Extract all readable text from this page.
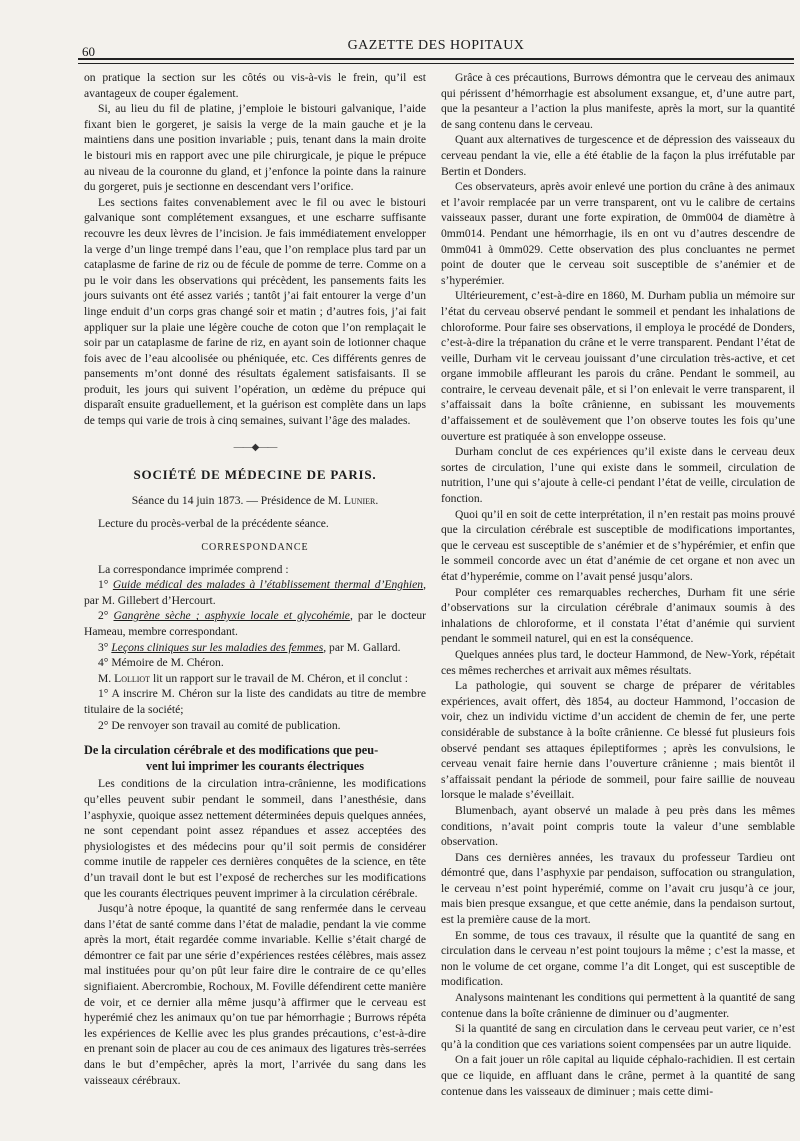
60	GAZETTE DES HOPITAUX

on pratique la section sur les côtés ou vis-à-vis le frein, qu’il est avantageux de couper également.

Si, au lieu du fil de platine, j’emploie le bistouri galvanique, l’aide fixant bien le gorgeret, je saisis la verge de la main gauche et je la maintiens dans une position invariable ; puis, tenant dans la main droite le bistouri mis en rapport avec une pile chirurgicale, je pique le prépuce au niveau de la couronne du gland, et j’enfonce la pointe dans la rainure du gorgeret, puis je sectionne en descendant vers l’orifice.

Les sections faites convenablement avec le fil ou avec le bistouri galvanique sont complétement exsangues, et une escharre suffisante recouvre les deux lèvres de l’incision. Je fais immédiatement envelopper la verge d’un linge trempé dans l’eau, que l’on remplace plus tard par un cataplasme de farine de riz ou de fécule de pomme de terre. Comme on a pu le voir dans les observations qui précèdent, les pansements faits les jours suivants ont été assez variés ; tantôt j’ai fait entourer la verge d’un linge enduit d’un corps gras changé soir et matin ; d’autres fois, j’ai fait appliquer sur la plaie une légère couche de coton que l’on remplaçait le soir par un cataplasme de farine de riz, en ayant soin de lotionner chaque fois avec de l’eau alcoolisée ou phéniquée, etc. Ces différents genres de pansements m’ont donné des résultats également satisfaisants. Il se produit, les jours qui suivent l’opération, un œdème du prépuce qui disparaît ensuite graduellement, et la guérison est complète dans un laps de temps qui varie de trois à cinq semaines, suivant l’âge des malades.

——◆——
SOCIÉTÉ DE MÉDECINE DE PARIS.

Séance du 14 juin 1873. — Présidence de M. Lunier.

Lecture du procès-verbal de la précédente séance.

CORRESPONDANCE

La correspondance imprimée comprend :

1° Guide médical des malades à l’établissement thermal d’Enghien, par M. Gillebert d’Hercourt.

2° Gangrène sèche ; asphyxie locale et glycohémie, par le docteur Hameau, membre correspondant.

3° Leçons cliniques sur les maladies des femmes, par M. Gallard.

4° Mémoire de M. Chéron.

M. Lolliot lit un rapport sur le travail de M. Chéron, et il conclut :

1° A inscrire M. Chéron sur la liste des candidats au titre de membre titulaire de la société;

2° De renvoyer son travail au comité de publication.

De la circulation cérébrale et des modifications que peu-
vent lui imprimer les courants électriques

Les conditions de la circulation intra-crânienne, les modifications qu’elles peuvent subir pendant le sommeil, dans l’anesthésie, dans l’asphyxie, quoique assez nettement déterminées depuis quelques années, ne sont cependant point assez répandues et assez acceptées des physiologistes et des médecins pour qu’il soit permis de considérer comme inutile de rappeler ces dernières conquêtes de la science, en tête d’un travail dont le but est l’exposé de recherches sur les modifications que les courants électriques peuvent imprimer à la circulation cérébrale.

Jusqu’à notre époque, la quantité de sang renfermée dans le cerveau dans l’état de santé comme dans l’état de maladie, pendant la vie comme après la mort, était regardée comme invariable. Kellie s’était chargé de démontrer ce fait par une série d’expériences restées célèbres, mais assez mal instituées pour qu’on pût leur faire dire le contraire de ce qu’elles signifiaient. Abercrombie, Rochoux, M. Foville défendirent cette manière de voir, et ce dernier alla même jusqu’à affirmer que le cerveau est hyperémié chez les animaux qu’on tue par hémorrhagie ; Burrows répéta les expériences de Kellie avec les plus grandes précautions, c’est-à-dire en prenant soin de placer au cou de ces animaux des ligatures très-serrées dans le but d’empêcher, après la mort, l’arrivée du sang dans les vaisseaux cérébraux.

Grâce à ces précautions, Burrows démontra que le cerveau des animaux qui périssent d’hémorrhagie est absolument exsangue, et, d’une autre part, que la pesanteur a l’action la plus manifeste, après la mort, sur la quantité de sang contenu dans le cerveau.

Quant aux alternatives de turgescence et de dépression des vaisseaux du cerveau pendant la vie, elle a été établie de la façon la plus irréfutable par Bertin et Donders.

Ces observateurs, après avoir enlevé une portion du crâne à des animaux et l’avoir remplacée par un verre transparent, ont vu le calibre de certains vaisseaux passer, durant une forte expiration, de 0mm004 de diamètre à 0mm014. Pendant une hémorrhagie, ils en ont vu d’autres descendre de 0mm041 à 0mm029. Cette observation des plus concluantes ne permet point de douter que le cerveau soit susceptible de s’anémier et de s’hyperémier.

Ultérieurement, c’est-à-dire en 1860, M. Durham publia un mémoire sur l’état du cerveau observé pendant le sommeil et pendant les inhalations de chloroforme. Pour faire ses observations, il employa le procédé de Donders, c’est-à-dire la trépanation du crâne et le verre transparent. Pendant l’état de veille, Durham vit le cerveau jouissant d’une circulation très-active, et cet organe immobile affleurant les parois du crâne. Pendant le sommeil, au contraire, le cerveau devenait pâle, et si l’on enlevait le verre transparent, il s’affaissait dans la boîte crânienne, en subissant les mouvements d’affaissement et de soulèvement que l’on observe toutes les fois qu’une ouverture est pratiquée à son enveloppe osseuse.

Durham conclut de ces expériences qu’il existe dans le cerveau deux sortes de circulation, l’une qui existe dans le sommeil, circulation de nutrition, l’une qui s’ajoute à celle-ci pendant l’état de veille, circulation de fonction.

Quoi qu’il en soit de cette interprétation, il n’en restait pas moins prouvé que la circulation cérébrale est susceptible de modifications importantes, que le cerveau est susceptible de s’anémier et de s’hypérémier, et enfin que le sommeil concorde avec un état d’anémie de cet organe et non avec un état d’hyperémie, comme on l’avait pensé jusqu’alors.

Pour compléter ces remarquables recherches, Durham fit une série d’observations sur la circulation cérébrale d’animaux soumis à des inhalations de chloroforme, et il constata l’état d’anémie qui survient pendant le sommeil naturel, qui en est la conséquence.

Quelques années plus tard, le docteur Hammond, de New-York, répétait ces mêmes recherches et arrivait aux mêmes résultats.

La pathologie, qui souvent se charge de préparer de véritables expériences, avait offert, dès 1854, au docteur Hammond, l’occasion de voir, chez un individu victime d’un accident de chemin de fer, une perte considérable de substance à la boîte crânienne. Ce blessé fut plusieurs fois observé pendant ses attaques épileptiformes ; après les convulsions, le cerveau venait faire hernie dans l’ouverture crânienne ; mais bientôt il s’affaissait pendant la période de sommeil, pour faire saillie de nouveau lorsque le malade s’éveillait.

Blumenbach, ayant observé un malade à peu près dans les mêmes conditions, n’avait point compris toute la valeur d’une semblable observation.

Dans ces dernières années, les travaux du professeur Tardieu ont démontré que, dans l’asphyxie par pendaison, suffocation ou strangulation, le cerveau n’est point hyperémié, comme on l’avait cru jusqu’à ce jour, mais bien presque exsangue, et que cette anémie, dans la pendaison surtout, est la première cause de la mort.

En somme, de tous ces travaux, il résulte que la quantité de sang en circulation dans le cerveau n’est point toujours la même ; c’est la masse, et non le volume de cet organe, comme l’a dit Longet, qui est susceptible de modification.

Analysons maintenant les conditions qui permettent à la quantité de sang contenue dans la boîte crânienne de diminuer ou d’augmenter.

Si la quantité de sang en circulation dans le cerveau peut varier, ce n’est qu’à la condition que ces variations soient compensées par un autre liquide.

On a fait jouer un rôle capital au liquide céphalo-rachidien. Il est certain que ce liquide, en affluant dans le crâne, permet à la quantité de sang contenue dans les vaisseaux de diminuer ; mais cette dimi-
